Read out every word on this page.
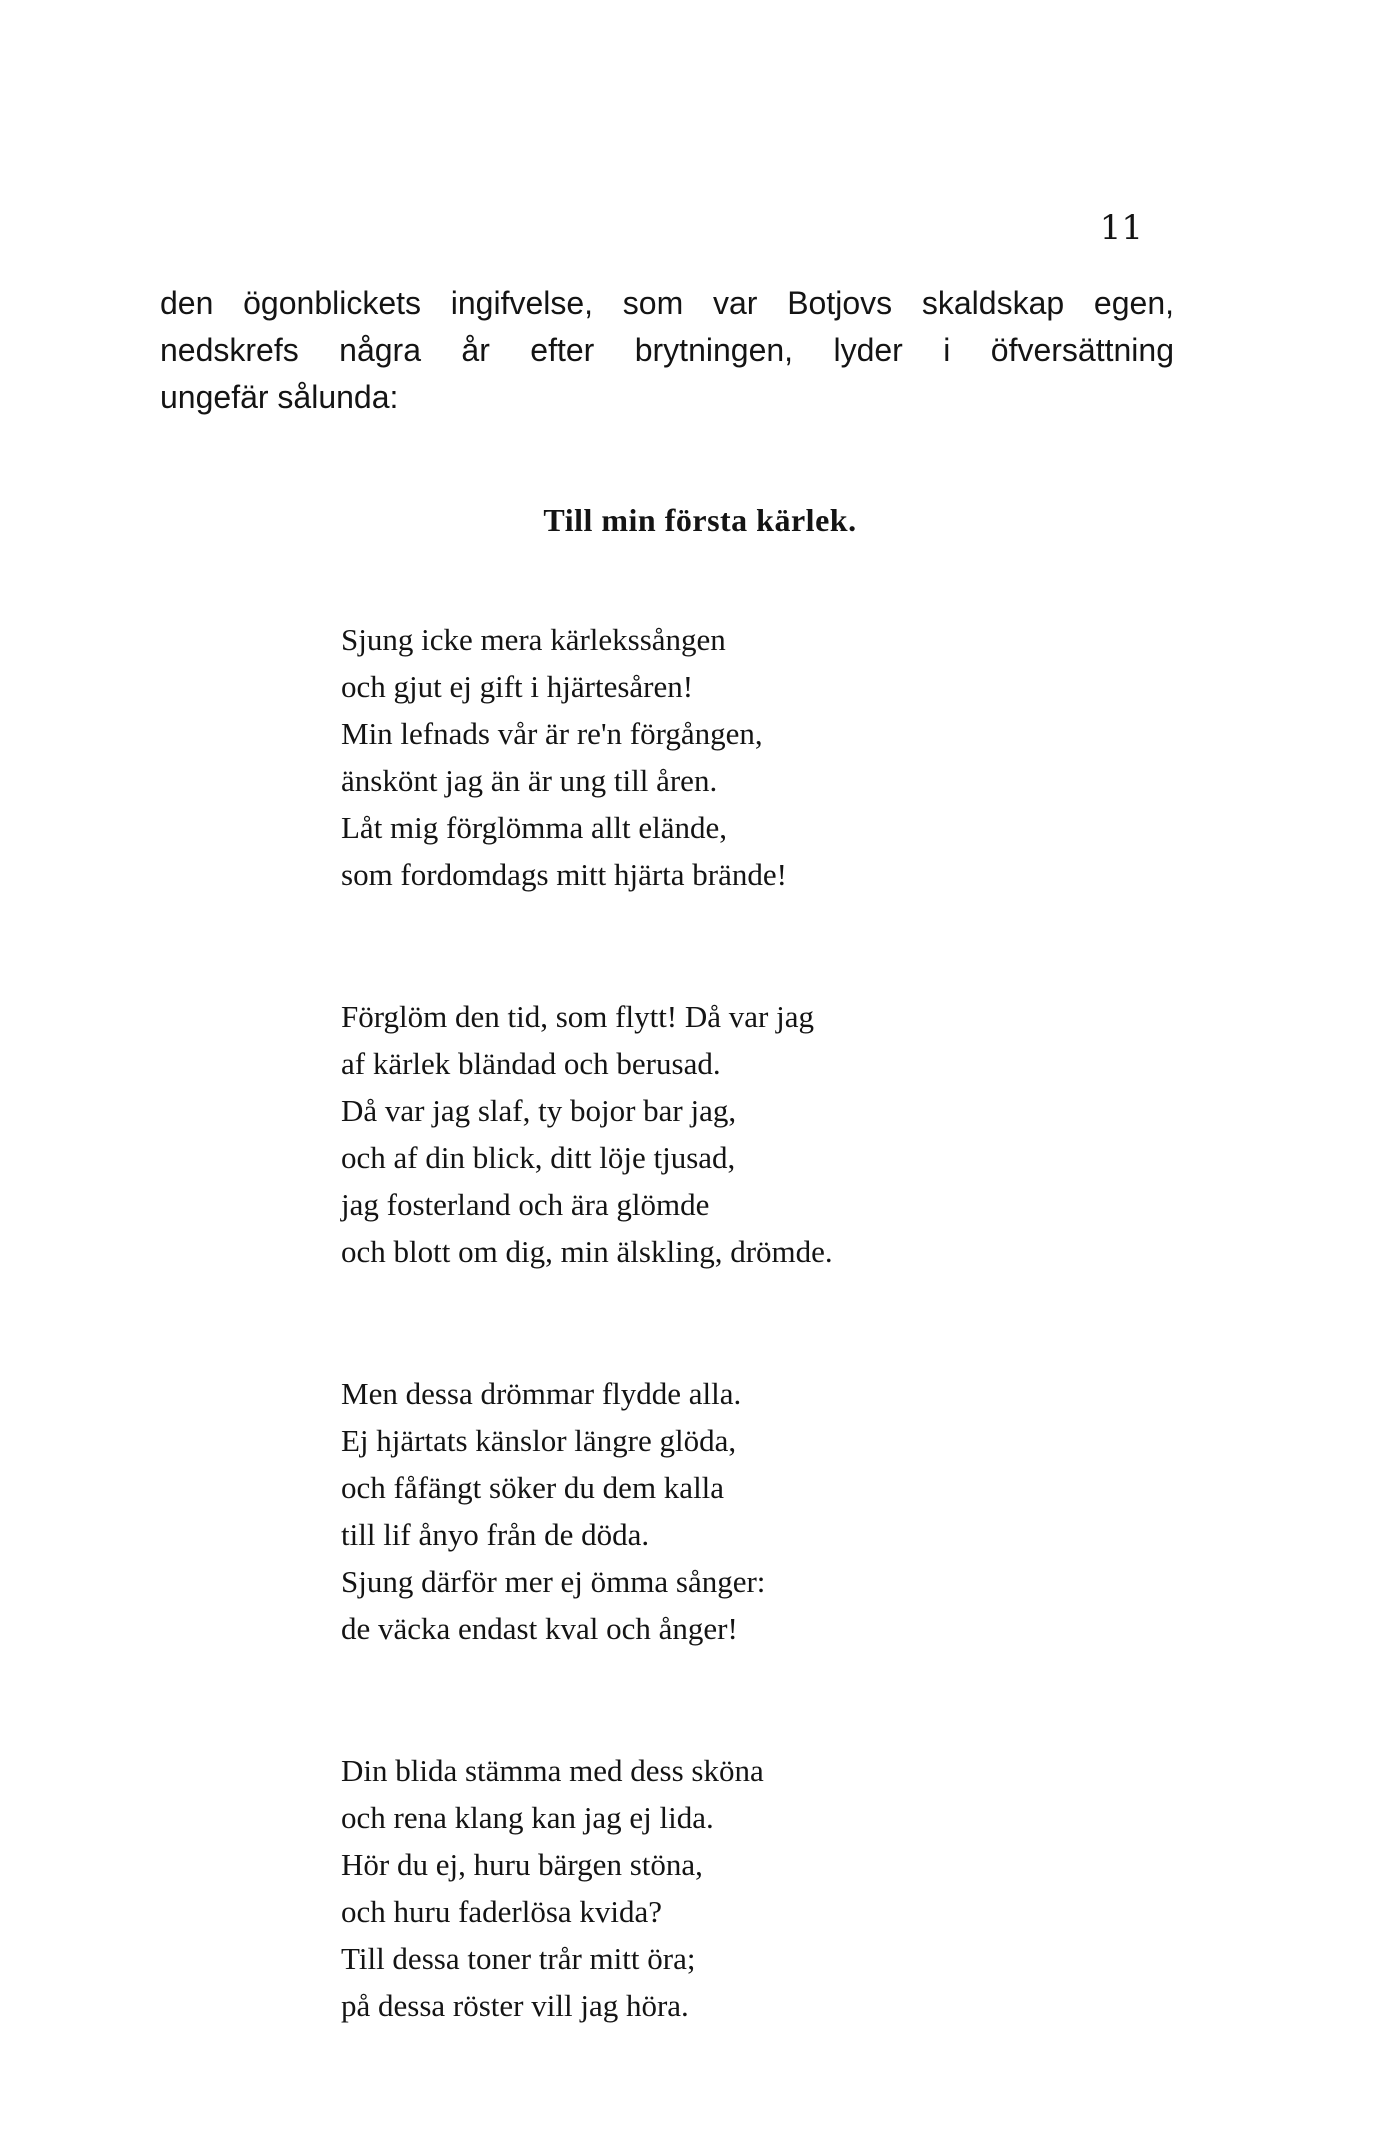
11
den ögonblickets ingifvelse, som var Botjovs skaldskap egen,
nedskrefs några år efter brytningen, lyder i öfversättning
ungefär sålunda:
Till min första kärlek.
Sjung icke mera kärlekssången
och gjut ej gift i hjärtesåren!
Min lefnads vår är re'n förgången,
änskönt jag än är ung till åren.
Låt mig förglömma allt elände,
som fordomdags mitt hjärta brände!
Förglöm den tid, som flytt! Då var jag
af kärlek bländad och berusad.
Då var jag slaf, ty bojor bar jag,
och af din blick, ditt löje tjusad,
jag fosterland och ära glömde
och blott om dig, min älskling, drömde.
Men dessa drömmar flydde alla.
Ej hjärtats känslor längre glöda,
och fåfängt söker du dem kalla
till lif ånyo från de döda.
Sjung därför mer ej ömma sånger:
de väcka endast kval och ånger!
Din blida stämma med dess sköna
och rena klang kan jag ej lida.
Hör du ej, huru bärgen stöna,
och huru faderlösa kvida?
Till dessa toner trår mitt öra;
på dessa röster vill jag höra.
